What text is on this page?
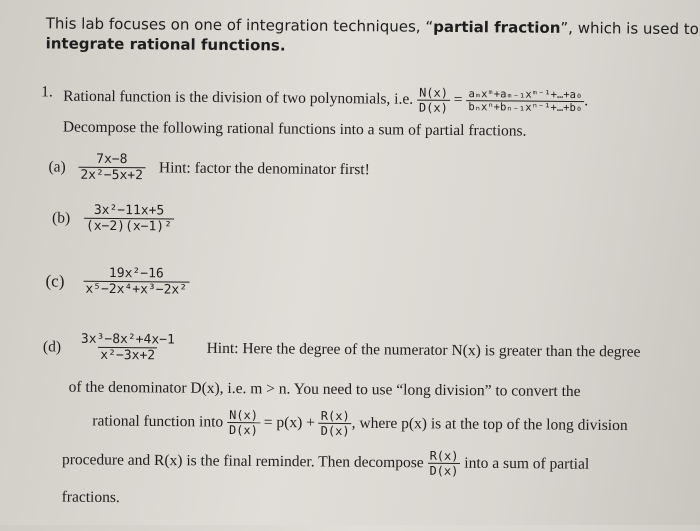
This lab focuses on one of integration techniques, “partial fraction”, which is used to
integrate rational functions.
1. Rational function is the division of two polynomials, i.e. $\frac{N(x)}{D(x)} = \frac{\text{aₘxᵐ+aₘ₋₁xᵐ⁻¹+…+a₀}}{\text{bₙxⁿ+bₙ₋₁xⁿ⁻¹+…+b₀}}$ .
Decompose the following rational functions into a sum of partial fractions.
$(a) \frac{7x-8}{\text{2x²−5x+2}}$ Hint: factor the denominator first!
$(b) \frac{\text{3x²−11x+5}}{\text{(x−2)(x−1)²}}$
$(c) \frac{\text{19x²−16}}{\text{x⁵−2x⁴+x³−2x²}}$
$(d) \frac{\text{3x³−8x²+4x−1}}{\text{x²−3x+2}}$ Hint: Here the degree of the numerator N(x) is greater than the degree
of the denominator D(x), i.e. m > n. You need to use “long division” to convert the
rational function into $\frac{N(x)}{D(x)} = p(x) + \frac{R(x)}{D(x)}$ , where p(x) is at the top of the long division
procedure and R(x) is the final reminder. Then decompose $\frac{R(x)}{D(x)}$ into a sum of partial
fractions.
